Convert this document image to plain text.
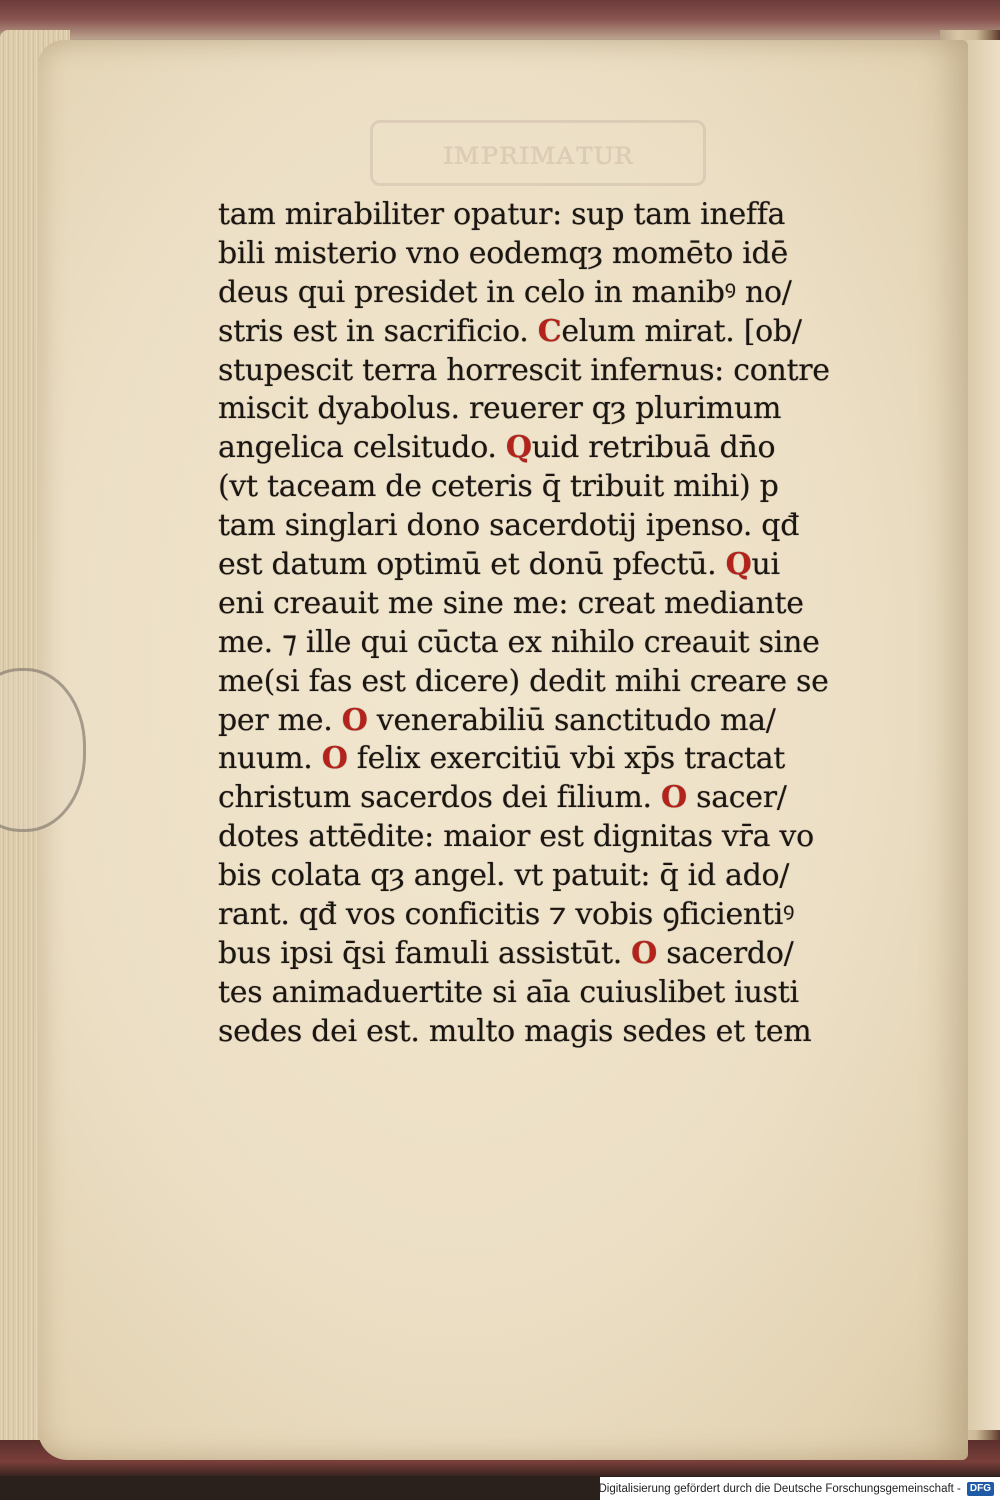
ɪᴍᴘʀɪᴍᴀᴛᴜʀ
tam mirabiliter opatur: sup tam ineffa
bili misterio vno eodemqȝ momēto idē
deus qui presidet in celo in manibꝰ no/
stris est in sacrificio. Celum mirat. [ob/
stupescit terra horrescit infernus: contre
miscit dyabolus. reuerer qȝ plurimum
angelica celsitudo. Quid retribuā dn̄o
(vt taceam de ceteris q̄ tribuit mihi) p
tam singlari dono sacerdotij ipenso. qđ
est datum optimū et donū pfectū. Qui
eni creauit me sine me: creat mediante
me. ⁊ ille qui cūcta ex nihilo creauit sine
me(si fas est dicere) dedit mihi creare se
per me. O venerabiliū sanctitudo ma/
nuum. O felix exercitiū vbi xp̄s tractat
christum sacerdos dei filium. O sacer/
dotes attēdite: maior est dignitas vr̄a vo
bis colata qȝ angel. vt patuit: q̄ id ado/
rant. qđ vos conficitis ⁊ vobis ꝯficientiꝰ
bus ipsi q̄si famuli assistūt. O sacerdo/
tes animaduertite si aīa cuiuslibet iusti
sedes dei est. multo magis sedes et tem
Digitalisierung gefördert durch die Deutsche Forschungsgemeinschaft - DFG
